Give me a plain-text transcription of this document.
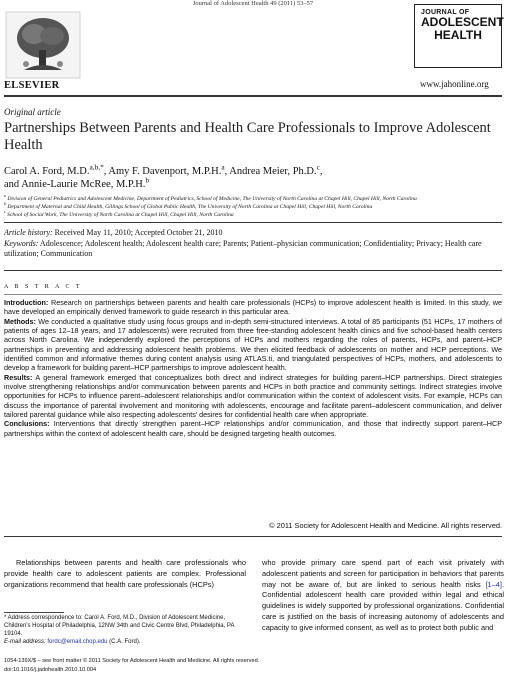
Journal of Adolescent Health 49 (2011) 53–57
ELSEVIER
JOURNAL OF
ADOLESCENT
HEALTH
www.jahonline.org
Original article
Partnerships Between Parents and Health Care Professionals to Improve Adolescent Health
Carol A. Ford, M.D.$^{a,b,*}$, Amy F. Davenport, M.P.H.$^a$, Andrea Meier, Ph.D.$^c$,
and Annie-Laurie McRee, M.P.H.$^b$
$^a$ Division of General Pediatrics and Adolescent Medicine, Department of Pediatrics, School of Medicine, The University of North Carolina at Chapel Hill, Chapel Hill, North Carolina
$^b$ Department of Maternal and Child Health, Gillings School of Global Public Health, The University of North Carolina at Chapel Hill, Chapel Hill, North Carolina
$^c$ School of Social Work, The University of North Carolina at Chapel Hill, Chapel Hill, North Carolina
Article history: Received May 11, 2010; Accepted October 21, 2010
Keywords: Adolescence; Adolescent health; Adolescent health care; Parents; Patient–physician communication; Confidentiality; Privacy; Health care utilization; Communication
A B S T R A C T

Introduction: Research on partnerships between parents and health care professionals (HCPs) to improve adolescent health is limited. In this study, we have developed an empirically derived framework to guide research in this particular area.

Methods: We conducted a qualitative study using focus groups and in-depth semi-structured interviews. A total of 85 participants (51 HCPs, 17 mothers of patients of ages 12–18 years, and 17 adolescents) were recruited from three free-standing adolescent health clinics and five school-based health centers across North Carolina. We independently explored the perceptions of HCPs and mothers regarding the roles of parents, HCPs, and parent–HCP partnerships in preventing and addressing adolescent health problems. We then elicited feedback of adolescents on mother and HCP perceptions. We identified common and informative themes during content analysis using ATLAS.ti, and triangulated perspectives of HCPs, mothers, and adolescents to develop a framework for building parent–HCP partnerships to improve adolescent health.

Results: A general framework emerged that conceptualizes both direct and indirect strategies for building parent–HCP partnerships. Direct strategies involve strengthening relationships and/or communication between parents and HCPs in both practice and community settings. Indirect strategies involve opportunities for HCPs to influence parent–adolescent relationships and/or communication within the context of adolescent visits. For example, HCPs can discuss the importance of parental involvement and monitoring with adolescents, encourage and facilitate parent–adolescent communication, and deliver tailored parental guidance while also respecting adolescents' desires for confidential health care when appropriate.

Conclusions: Interventions that directly strengthen parent–HCP relationships and/or communication, and those that indirectly support parent–HCP partnerships within the context of adolescent health care, should be designed targeting health outcomes.

© 2011 Society for Adolescent Health and Medicine. All rights reserved.

Relationships between parents and health care professionals who provide health care to adolescent patients are complex. Professional organizations recommend that health care professionals (HCPs)

who provide primary care spend part of each visit privately with adolescent patients and screen for participation in behaviors that parents may not be aware of, but are linked to serious health risks [1–4]. Confidential adolescent health care provided within legal and ethical guidelines is widely supported by professional organizations. Confidential care is justified on the basis of increasing autonomy of adolescents and capacity to give informed consent, as well as to protect both public and

* Address correspondence to: Carol A. Ford, M.D., Division of Adolescent Medicine, Children's Hospital of Philadelphia, 12NW 34th and Civic Centre Blvd, Philadelphia, PA 19104.
E-mail address: fordc@email.chop.edu (C.A. Ford).
1054-139X/$ – see front matter © 2011 Society for Adolescent Health and Medicine. All rights reserved.
doi:10.1016/j.jadohealth.2010.10.004
